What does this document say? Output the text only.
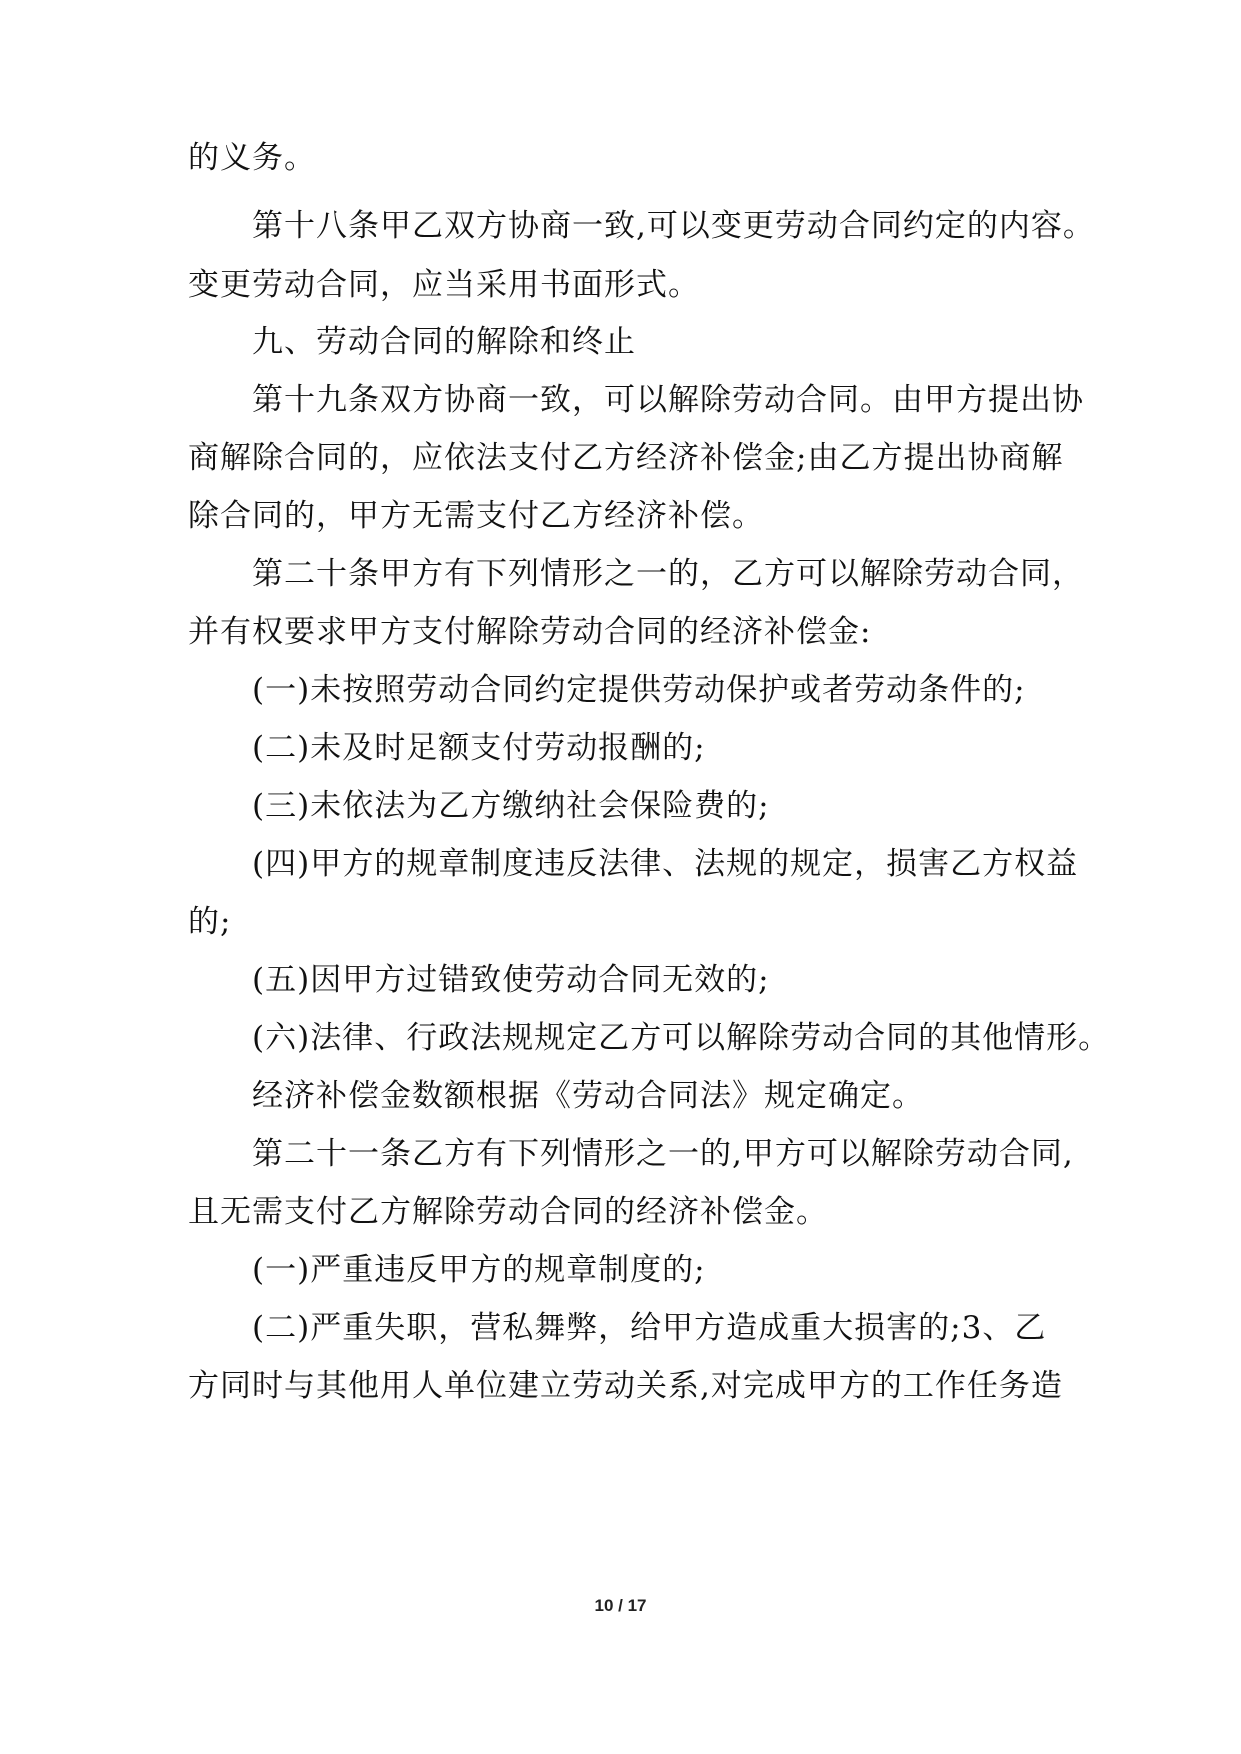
的义务。
第十八条甲乙双方协商一致,可以变更劳动合同约定的内容。
变更劳动合同，应当采用书面形式。
九、劳动合同的解除和终止
第十九条双方协商一致，可以解除劳动合同。由甲方提出协
商解除合同的，应依法支付乙方经济补偿金;由乙方提出协商解
除合同的，甲方无需支付乙方经济补偿。
第二十条甲方有下列情形之一的，乙方可以解除劳动合同，
并有权要求甲方支付解除劳动合同的经济补偿金:
(一)未按照劳动合同约定提供劳动保护或者劳动条件的;
(二)未及时足额支付劳动报酬的;
(三)未依法为乙方缴纳社会保险费的;
(四)甲方的规章制度违反法律、法规的规定，损害乙方权益
的;
(五)因甲方过错致使劳动合同无效的;
(六)法律、行政法规规定乙方可以解除劳动合同的其他情形。
经济补偿金数额根据《劳动合同法》规定确定。
第二十一条乙方有下列情形之一的,甲方可以解除劳动合同,
且无需支付乙方解除劳动合同的经济补偿金。
(一)严重违反甲方的规章制度的;
(二)严重失职，营私舞弊，给甲方造成重大损害的;3、乙
方同时与其他用人单位建立劳动关系,对完成甲方的工作任务造
10 / 17
